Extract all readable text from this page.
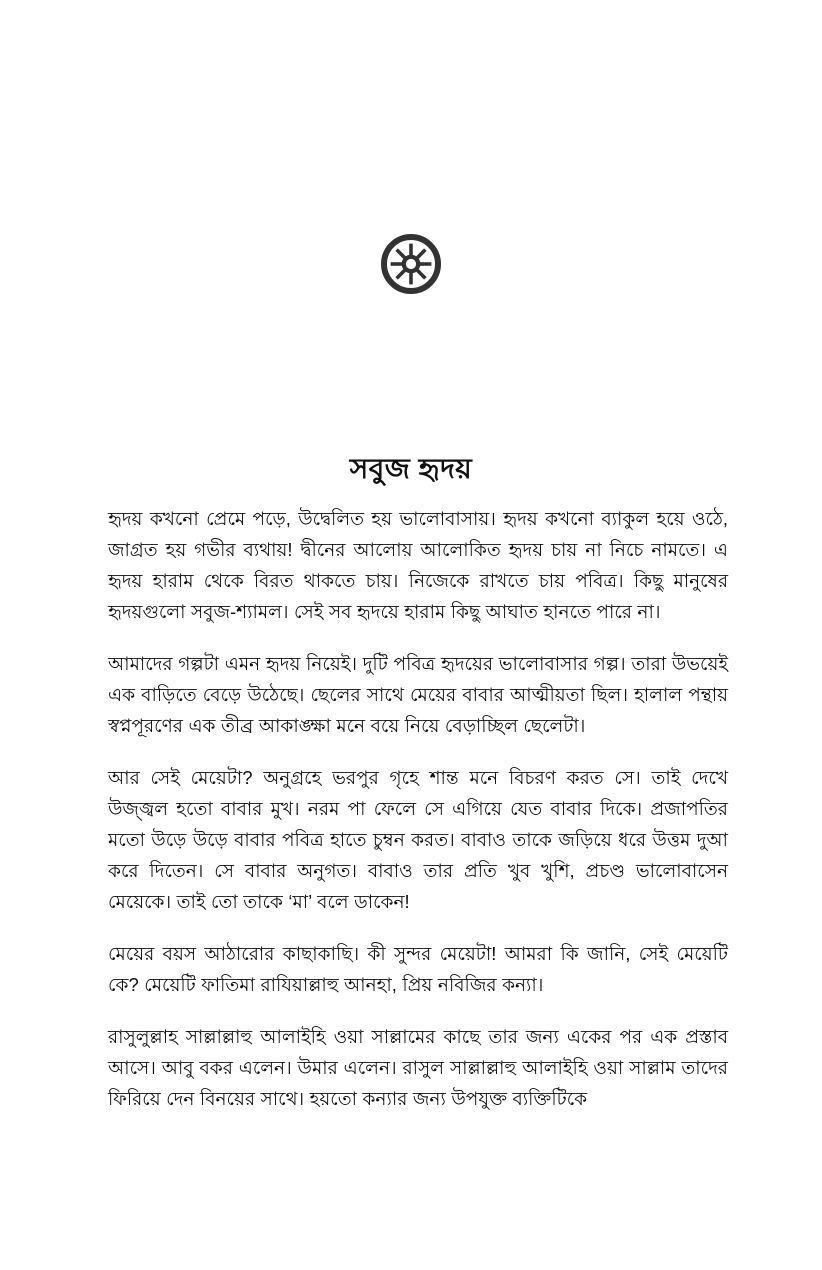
সবুজ হৃদয়

হৃদয় কখনো প্রেমে পড়ে, উদ্বেলিত হয় ভালোবাসায়। হৃদয় কখনো ব্যাকুল হয়ে ওঠে, জাগ্রত হয় গভীর ব্যথায়! দ্বীনের আলোয় আলোকিত হৃদয় চায় না নিচে নামতে। এ হৃদয় হারাম থেকে বিরত থাকতে চায়। নিজেকে রাখতে চায় পবিত্র। কিছু মানুষের হৃদয়গুলো সবুজ-শ্যামল। সেই সব হৃদয়ে হারাম কিছু আঘাত হানতে পারে না।

আমাদের গল্পটা এমন হৃদয় নিয়েই। দুটি পবিত্র হৃদয়ের ভালোবাসার গল্প। তারা উভয়েই এক বাড়িতে বেড়ে উঠেছে। ছেলের সাথে মেয়ের বাবার আত্মীয়তা ছিল। হালাল পন্থায় স্বপ্নপূরণের এক তীব্র আকাঙ্ক্ষা মনে বয়ে নিয়ে বেড়াচ্ছিল ছেলেটা।

আর সেই মেয়েটা? অনুগ্রহে ভরপুর গৃহে শান্ত মনে বিচরণ করত সে। তাই দেখে উজ্জ্বল হতো বাবার মুখ। নরম পা ফেলে সে এগিয়ে যেত বাবার দিকে। প্রজাপতির মতো উড়ে উড়ে বাবার পবিত্র হাতে চুম্বন করত। বাবাও তাকে জড়িয়ে ধরে উত্তম দুআ করে দিতেন। সে বাবার অনুগত। বাবাও তার প্রতি খুব খুশি, প্রচণ্ড ভালোবাসেন মেয়েকে। তাই তো তাকে ‘মা’ বলে ডাকেন!

মেয়ের বয়স আঠারোর কাছাকাছি। কী সুন্দর মেয়েটা! আমরা কি জানি, সেই মেয়েটি কে? মেয়েটি ফাতিমা রাযিয়াল্লাহু আনহা, প্রিয় নবিজির কন্যা।

রাসুলুল্লাহ সাল্লাল্লাহু আলাইহি ওয়া সাল্লামের কাছে তার জন্য একের পর এক প্রস্তাব আসে। আবু বকর এলেন। উমার এলেন। রাসুল সাল্লাল্লাহু আলাইহি ওয়া সাল্লাম তাদের ফিরিয়ে দেন বিনয়ের সাথে। হয়তো কন্যার জন্য উপযুক্ত ব্যক্তিটিকে
